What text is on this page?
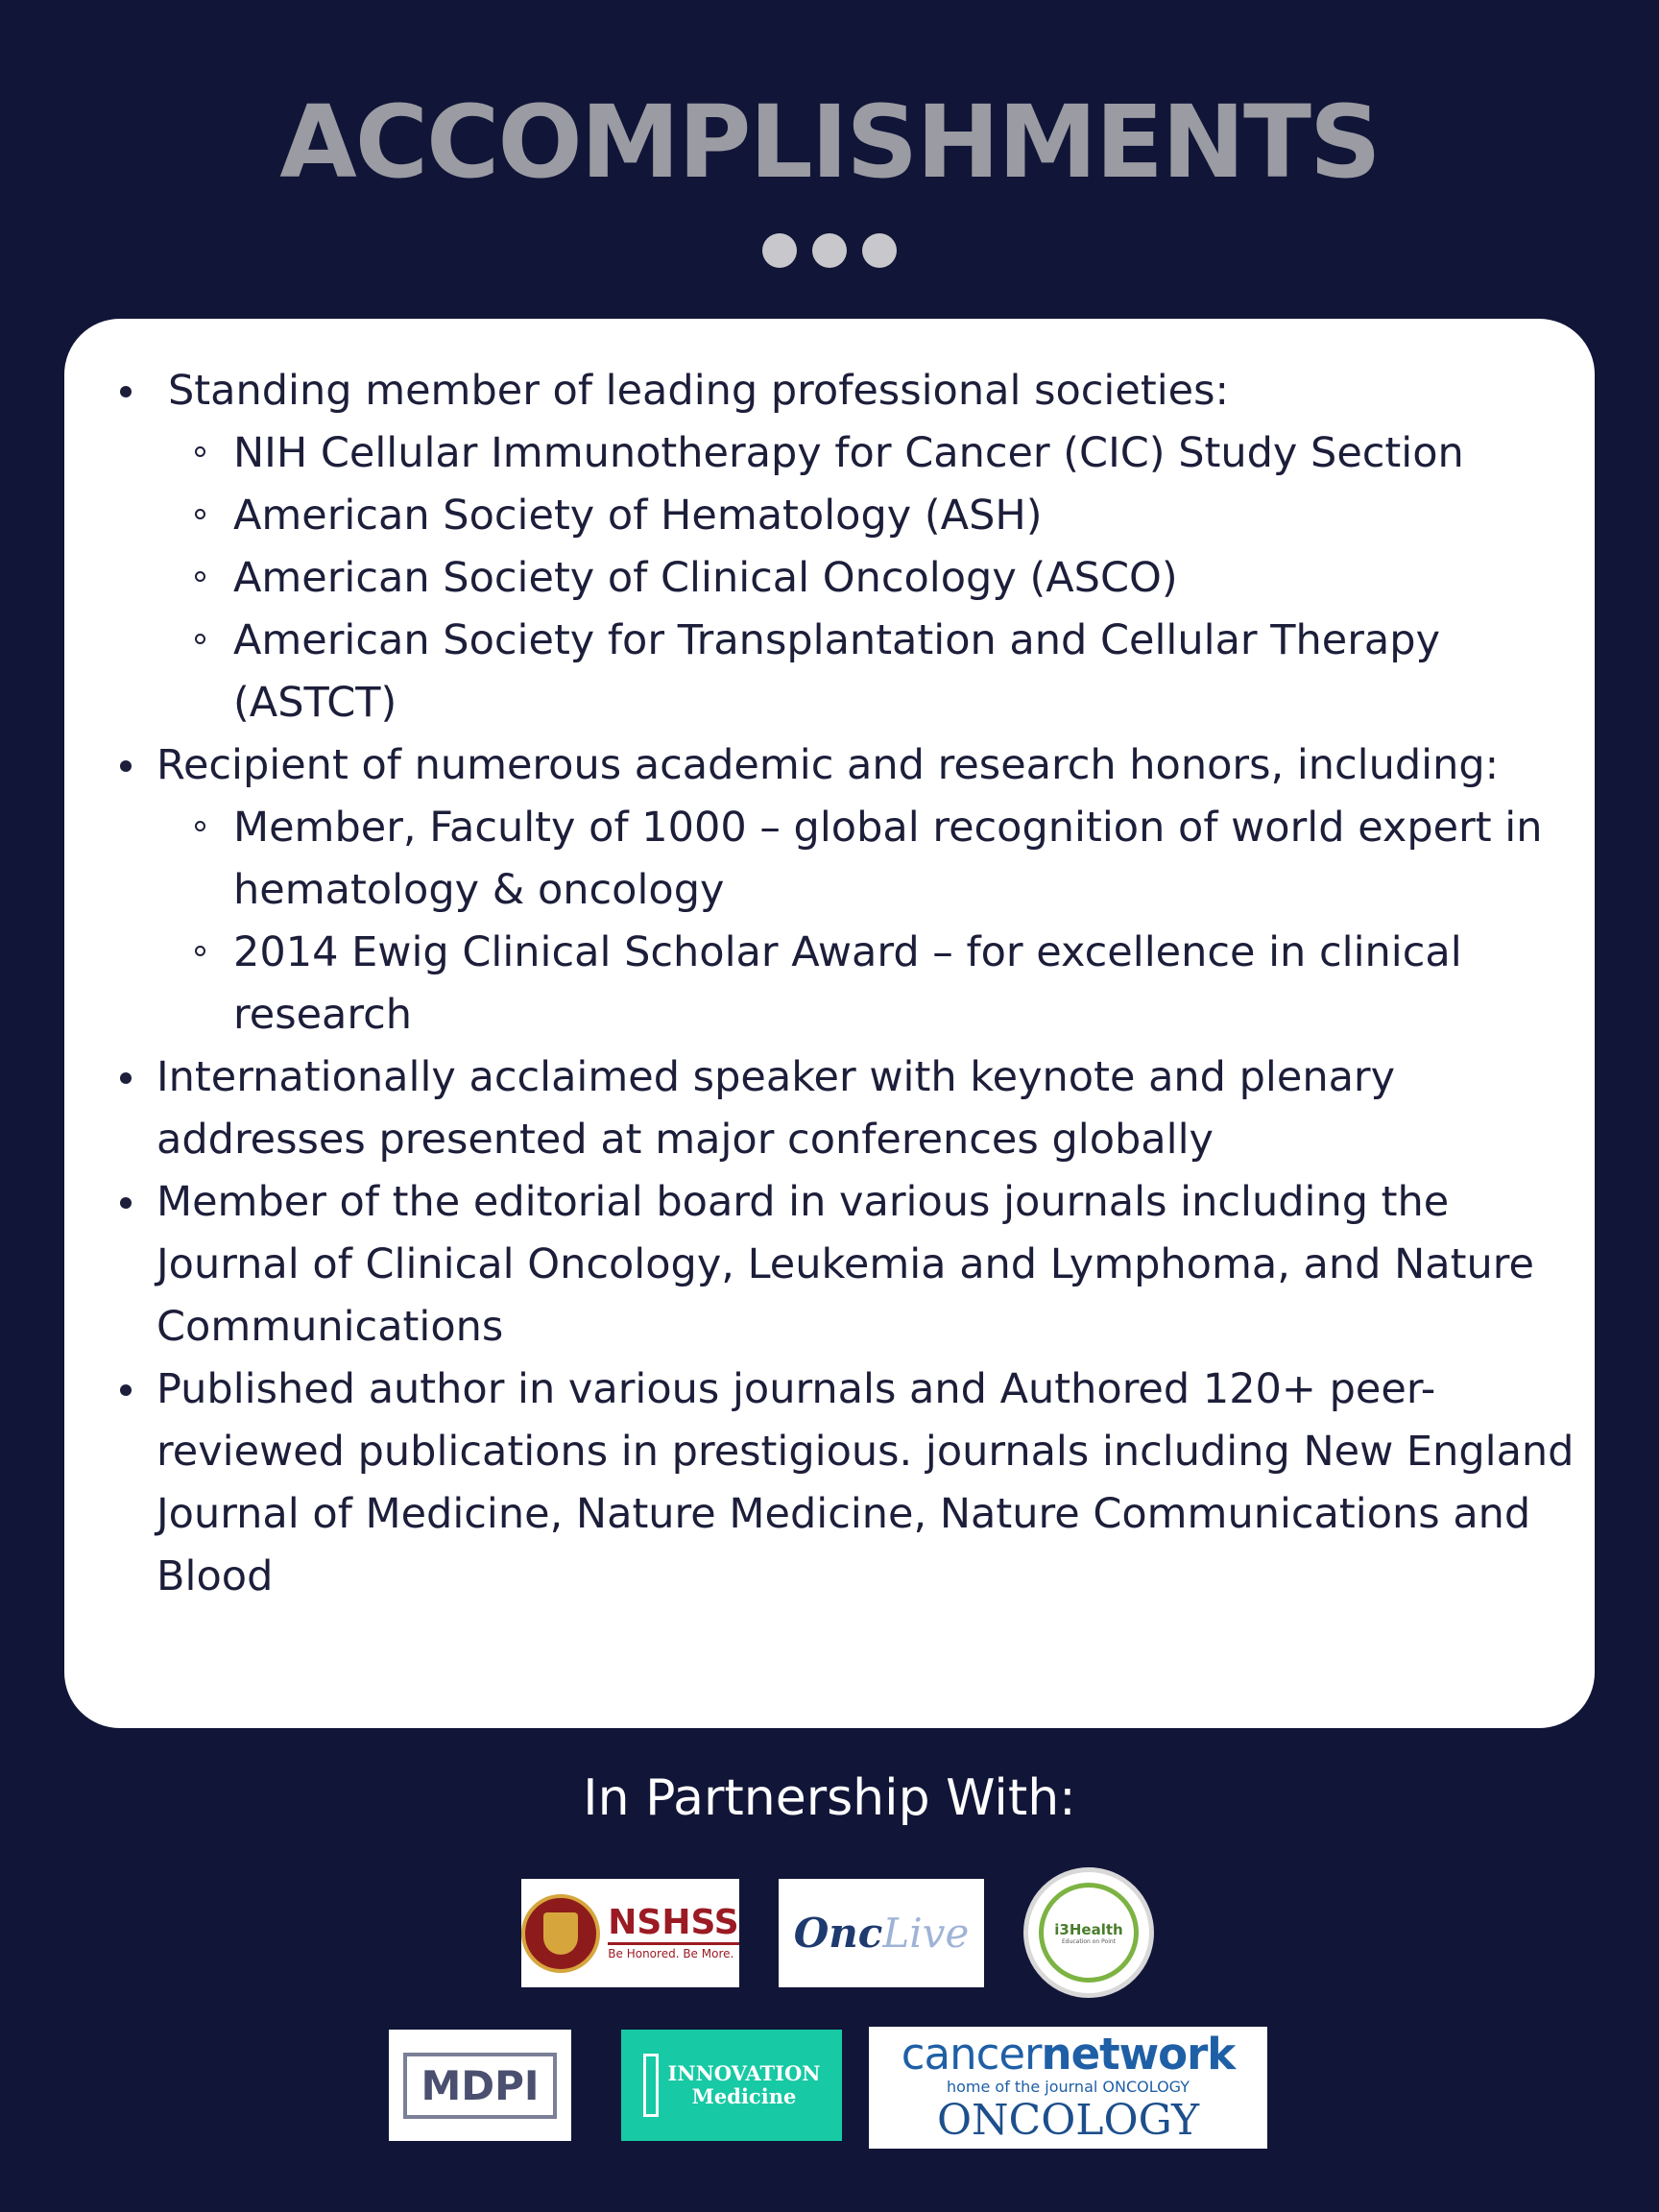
ACCOMPLISHMENTS
Standing member of leading professional societies:
NIH Cellular Immunotherapy for Cancer (CIC) Study Section
American Society of Hematology (ASH)
American Society of Clinical Oncology (ASCO)
American Society for Transplantation and Cellular Therapy (ASTCT)
Recipient of numerous academic and research honors, including:
Member, Faculty of 1000 – global recognition of world expert in hematology & oncology
2014 Ewig Clinical Scholar Award – for excellence in clinical research
Internationally acclaimed speaker with keynote and plenary addresses presented at major conferences globally
Member of the editorial board in various journals including the Journal of Clinical Oncology, Leukemia and Lymphoma, and Nature Communications
Published author in various journals and Authored 120+ peer-reviewed publications in prestigious. journals including New England Journal of Medicine, Nature Medicine, Nature Communications and Blood
In Partnership With:
NSHSS
Be Honored. Be More. Onc Live	i3Health
Education on Point
MDPI	INNOVATION
Medicine
cancernetwork
home of the journal ONCOLOGY
ONCOLOGY
